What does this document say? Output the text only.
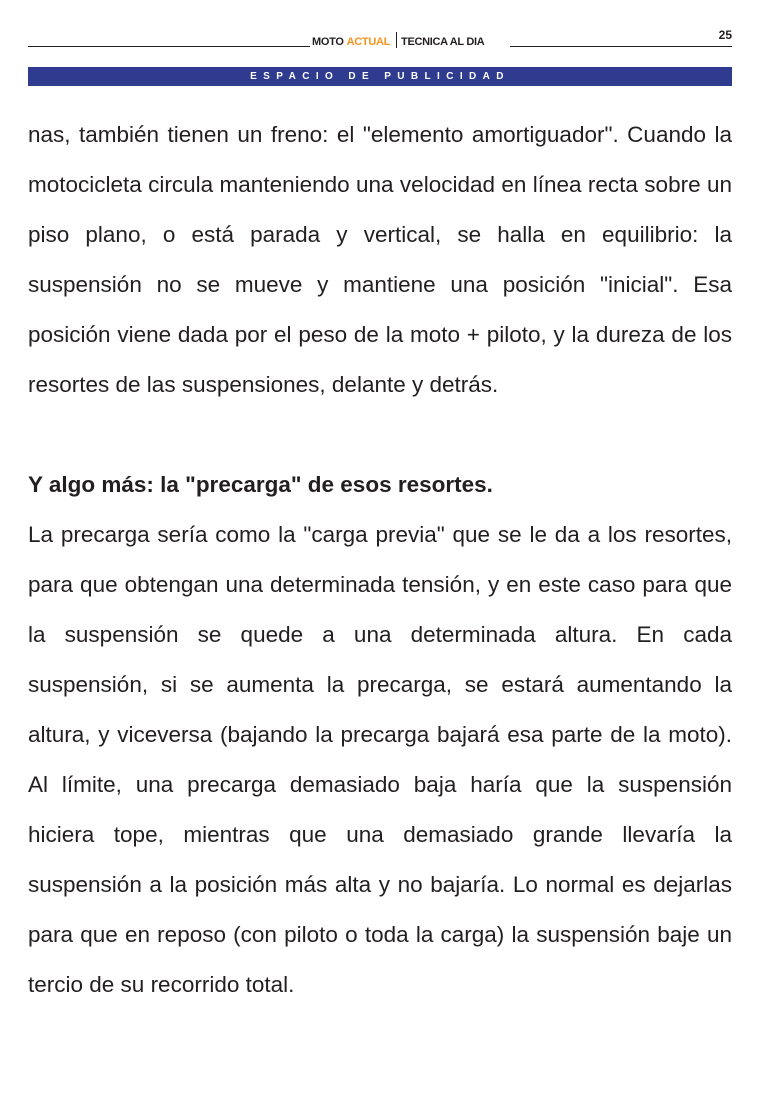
MOTO ACTUAL TECNICA AL DIA	25
ESPACIO DE PUBLICIDAD

nas, también tienen un freno: el "elemento amortiguador". Cuando la motocicleta circula manteniendo una velocidad en línea recta sobre un piso plano, o está parada y vertical, se halla en equilibrio: la suspensión no se mueve y mantiene una posición "inicial". Esa posición viene dada por el peso de la moto + piloto, y la dureza de los resortes de las suspensiones, delante y detrás.

Y algo más: la "precarga" de esos resortes.

La precarga sería como la "carga previa" que se le da a los resortes, para que obtengan una determinada tensión, y en este caso para que la suspensión se quede a una determinada altura. En cada suspensión, si se aumenta la precarga, se estará aumentando la altura, y viceversa (bajando la precarga bajará esa parte de la moto). Al límite, una precarga demasiado baja haría que la suspensión hiciera tope, mientras que una demasiado grande llevaría la suspensión a la posición más alta y no bajaría. Lo normal es dejarlas para que en reposo (con piloto o toda la carga) la suspensión baje un tercio de su recorrido total.
